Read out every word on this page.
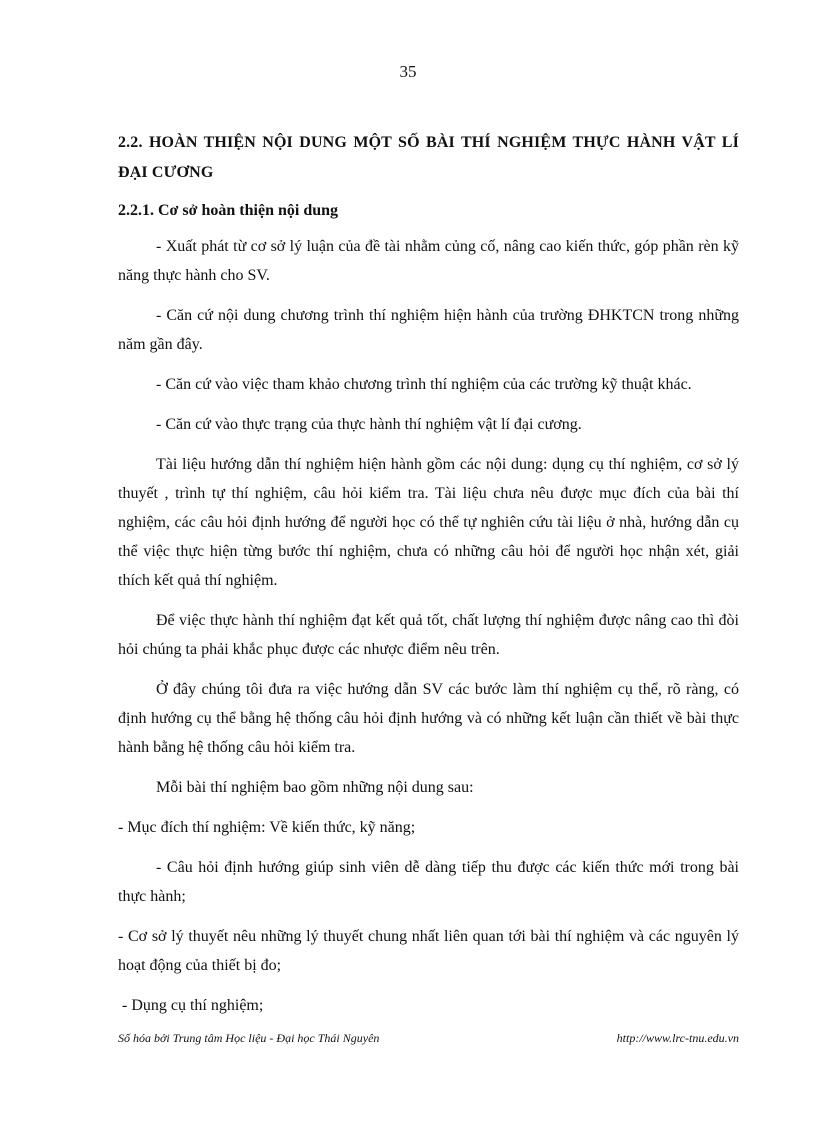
35
2.2. HOÀN THIỆN NỘI DUNG MỘT SỐ BÀI THÍ NGHIỆM THỰC HÀNH VẬT LÍ ĐẠI CƯƠNG
2.2.1. Cơ sở hoàn thiện nội dung

- Xuất phát từ cơ sở lý luận của đề tài nhằm củng cố, nâng cao kiến thức, góp phần rèn kỹ năng thực hành cho SV.

- Căn cứ nội dung chương trình thí nghiệm hiện hành của trường ĐHKTCN trong những năm gần đây.

- Căn cứ vào việc tham khảo chương trình thí nghiệm của các trường kỹ thuật khác.

- Căn cứ vào thực trạng của thực hành thí nghiệm vật lí đại cương.

Tài liệu hướng dẫn thí nghiệm hiện hành gồm các nội dung: dụng cụ thí nghiệm, cơ sở lý thuyết , trình tự thí nghiệm, câu hỏi kiểm tra. Tài liệu chưa nêu được mục đích của bài thí nghiệm, các câu hỏi định hướng để người học có thể tự nghiên cứu tài liệu ở nhà, hướng dẫn cụ thể việc thực hiện từng bước thí nghiệm, chưa có những câu hỏi để người học nhận xét, giải thích kết quả thí nghiệm.

Để việc thực hành thí nghiệm đạt kết quả tốt, chất lượng thí nghiệm được nâng cao thì đòi hỏi chúng ta phải khắc phục được các nhược điểm nêu trên.

Ở đây chúng tôi đưa ra việc hướng dẫn SV các bước làm thí nghiệm cụ thể, rõ ràng, có định hướng cụ thể bằng hệ thống câu hỏi định hướng và có những kết luận cần thiết về bài thực hành bằng hệ thống câu hỏi kiểm tra.

Mỗi bài thí nghiệm bao gồm những nội dung sau:

- Mục đích thí nghiệm: Về kiến thức, kỹ năng;

- Câu hỏi định hướng giúp sinh viên dễ dàng tiếp thu được các kiến thức mới trong bài thực hành;

- Cơ sở lý thuyết nêu những lý thuyết chung nhất liên quan tới bài thí nghiệm và các nguyên lý hoạt động của thiết bị đo;

- Dụng cụ thí nghiệm;

Số hóa bởi Trung tâm Học liệu - Đại học Thái Nguyên	http://www.lrc-tnu.edu.vn
